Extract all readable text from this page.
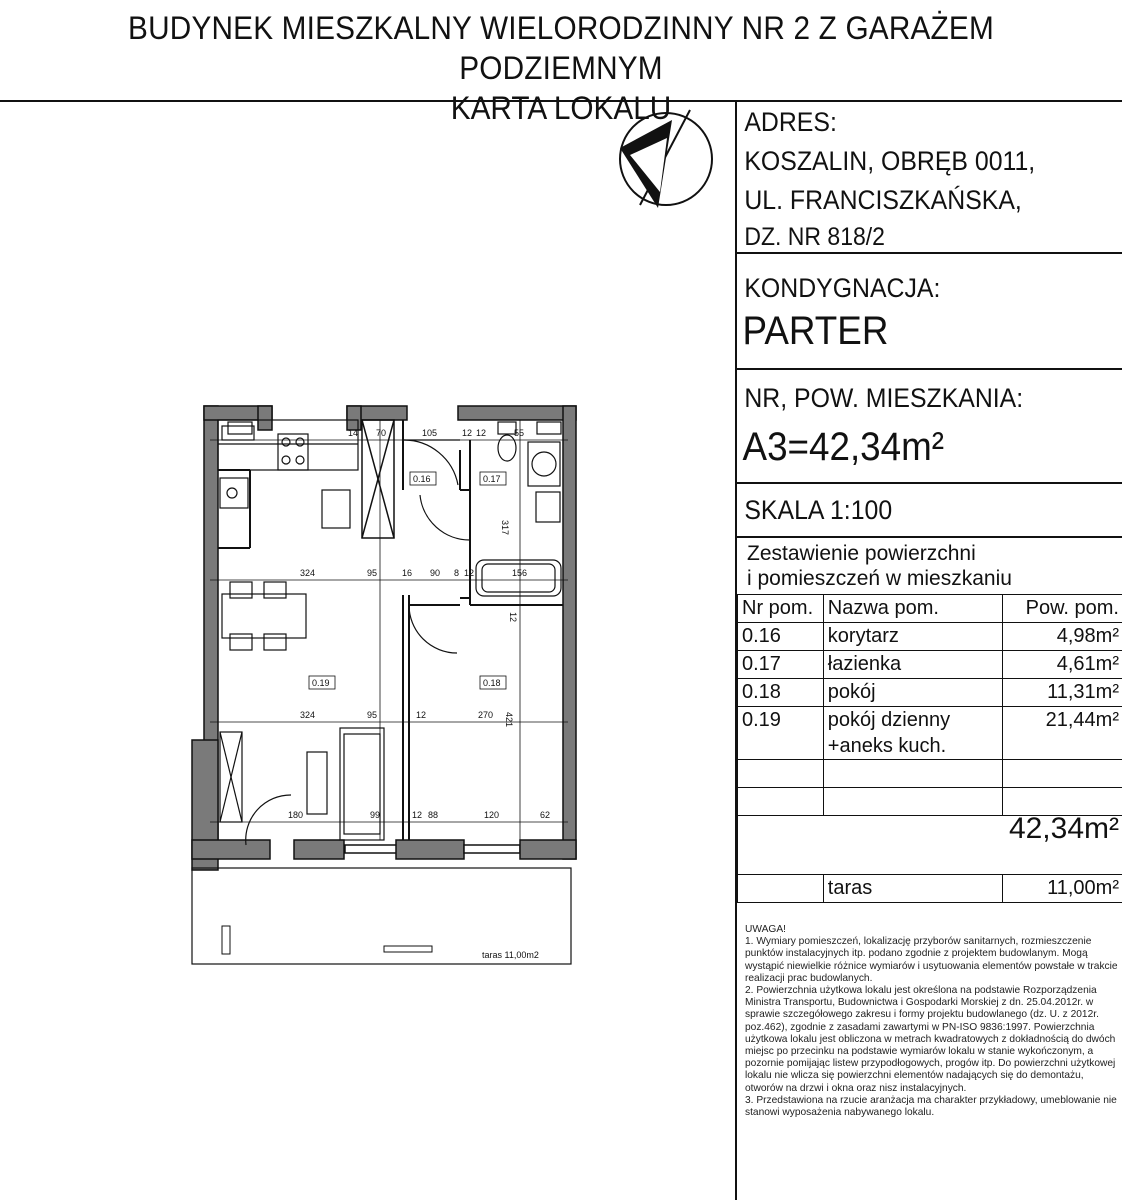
BUDYNEK MIESZKALNY WIELORODZINNY NR 2 Z GARAŻEM PODZIEMNYM
KARTA LOKALU
14 70	105	12 12	55
317
324	95	16 90 8 12	156
12
324	95	12	270 421
180	99	12 88	120	62
0.16	0.17
0.18
0.19
taras 11,00m2
ADRES:
KOSZALIN, OBRĘB 0011,
UL. FRANCISZKAŃSKA,
DZ. NR 818/2
KONDYGNACJA:
PARTER
NR, POW. MIESZKANIA:
A3=42,34m²
SKALA 1:100
Zestawienie powierzchni
i pomieszczeń w mieszkaniu
Nr pom.	Nazwa pom.	Pow. pom.
0.16	korytarz	4,98m²
0.17	łazienka	4,61m²
0.18	pokój	11,31m²
0.19	pokój dzienny
+aneks kuch.	21,44m²

42,34m²		
	taras	11,00m²

UWAGA!

1. Wymiary pomieszczeń, lokalizację przyborów sanitarnych, rozmieszczenie punktów instalacyjnych itp. podano zgodnie z projektem budowlanym. Mogą wystąpić niewielkie różnice wymiarów i usytuowania elementów powstałe w trakcie realizacji prac budowlanych.

2. Powierzchnia użytkowa lokalu jest określona na podstawie Rozporządzenia Ministra Transportu, Budownictwa i Gospodarki Morskiej z dn. 25.04.2012r. w sprawie szczegółowego zakresu i formy projektu budowlanego (dz. U. z 2012r. poz.462), zgodnie z zasadami zawartymi w PN-ISO 9836:1997. Powierzchnia użytkowa lokalu jest obliczona w metrach kwadratowych z dokładnością do dwóch miejsc po przecinku na podstawie wymiarów lokalu w stanie wykończonym, a pozornie pomijając listew przypodłogowych, progów itp. Do powierzchni użytkowej lokalu nie wlicza się powierzchni elementów nadających się do demontażu, otworów na drzwi i okna oraz nisz instalacyjnych.

3. Przedstawiona na rzucie aranżacja ma charakter przykładowy, umeblowanie nie stanowi wyposażenia nabywanego lokalu.
